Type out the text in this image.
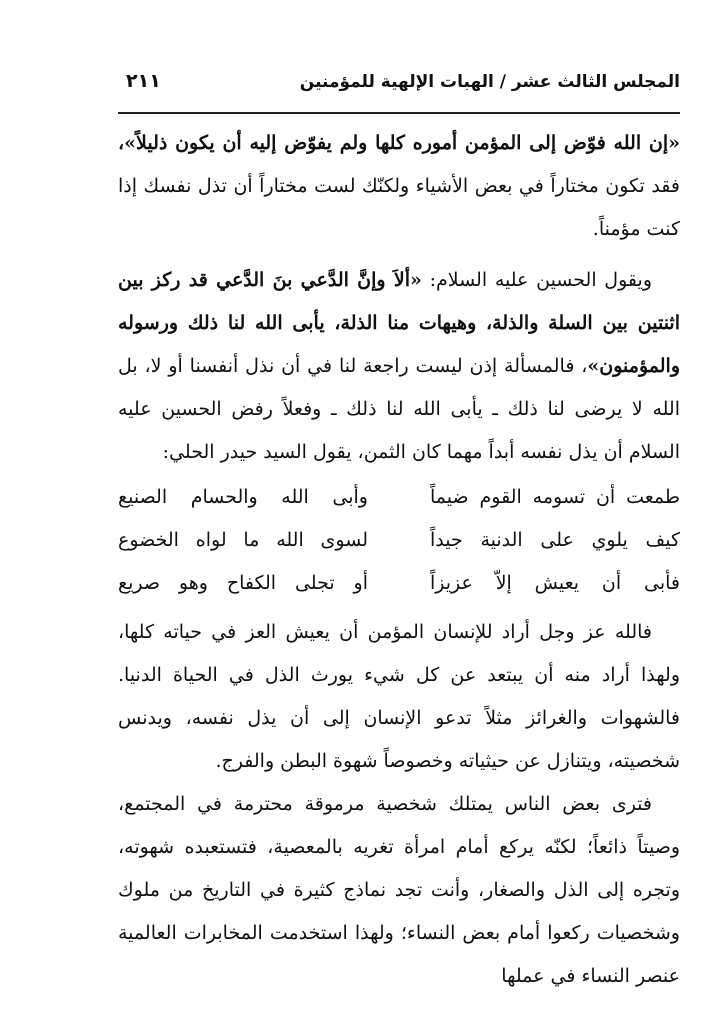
المجلس الثالث عشر / الهبات الإلهية للمؤمنين
٢١١

«إن الله فوّض إلى المؤمن أموره كلها ولم يفوّض إليه أن يكون ذليلاً»، فقد تكون مختاراً في بعض الأشياء ولكنّك لست مختاراً أن تذل نفسك إذا كنت مؤمناً.

ويقول الحسين عليه السلام: «ألاَ وإنَّ الدَّعي بنَ الدَّعي قد ركز بين اثنتين بين السلة والذلة، وهيهات منا الذلة، يأبى الله لنا ذلك ورسوله والمؤمنون»، فالمسألة إذن ليست راجعة لنا في أن نذل أنفسنا أو لا، بل الله لا يرضى لنا ذلك ـ يأبى الله لنا ذلك ـ وفعلاً رفض الحسين عليه السلام أن يذل نفسه أبداً مهما كان الثمن، يقول السيد حيدر الحلي:

طمعت أن تسومه القوم ضيماً
وأبى الله والحسام الصنيع
كيف يلوي على الدنية جيداً
لسوى الله ما لواه الخضوع
فأبى أن يعيش إلاّ عزيزاً
أو تجلى الكفاح وهو صريع

فالله عز وجل أراد للإنسان المؤمن أن يعيش العز في حياته كلها، ولهذا أراد منه أن يبتعد عن كل شيء يورث الذل في الحياة الدنيا. فالشهوات والغرائز مثلاً تدعو الإنسان إلى أن يذل نفسه، ويدنس شخصيته، ويتنازل عن حيثياته وخصوصاً شهوة البطن والفرج.

فترى بعض الناس يمتلك شخصية مرموقة محترمة في المجتمع، وصيتاً ذائعاً؛ لكنّه يركع أمام امرأة تغريه بالمعصية، فتستعبده شهوته، وتجره إلى الذل والصغار، وأنت تجد نماذج كثيرة في التاريخ من ملوك وشخصيات ركعوا أمام بعض النساء؛ ولهذا استخدمت المخابرات العالمية عنصر النساء في عملها
